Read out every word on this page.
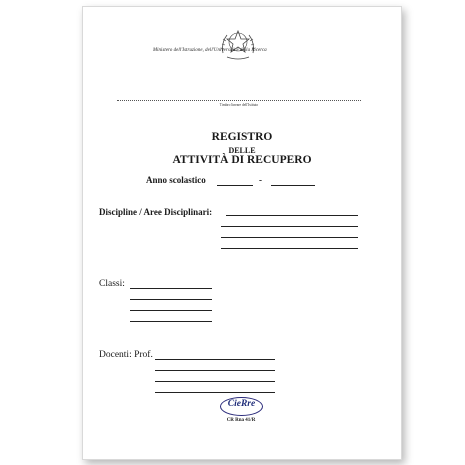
Ministero dell'Istruzione, dell'Università e della Ricerca
Timbro lineare dell'Istituto
REGISTRO
DELLE
ATTIVITÀ DI RECUPERO
Anno scolastico	-
Discipline / Aree Disciplinari:
Classi:
Docenti: Prof.
CieRre
CR Rna 41/R
